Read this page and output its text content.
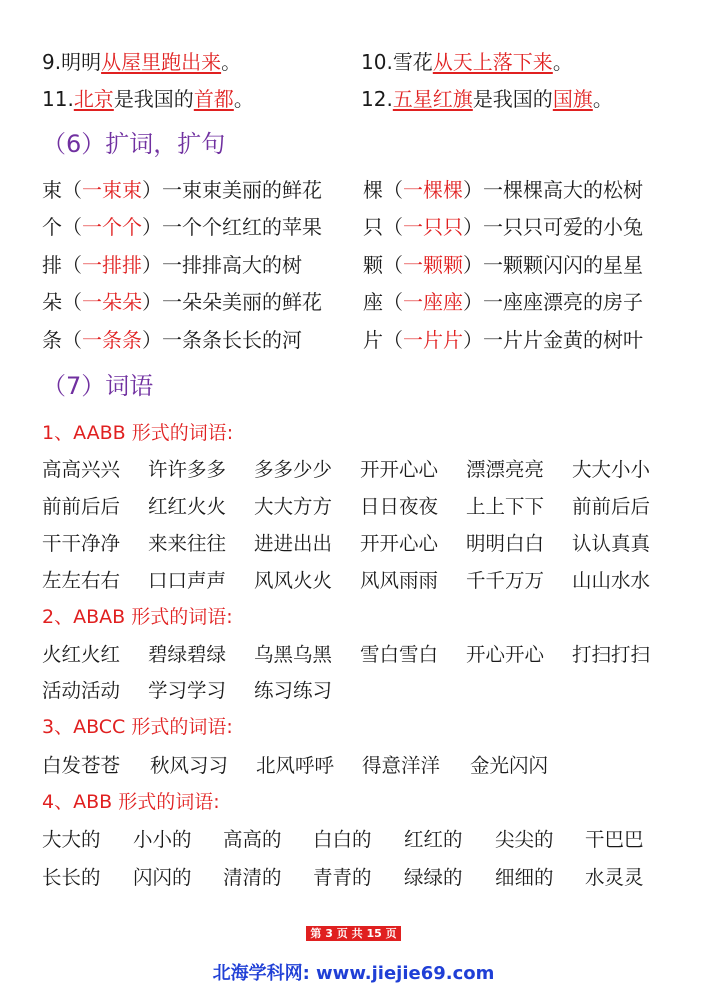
9.明明从屋里跑出来。	10.雪花从天上落下来。
11.北京是我国的首都。	12.五星红旗是我国的国旗。
（6）扩词，扩句
束（一束束）一束束美丽的鲜花 棵（一棵棵）一棵棵高大的松树
个（一个个）一个个红红的苹果 只（一只只）一只只可爱的小兔
排（一排排）一排排高大的树	颗（一颗颗）一颗颗闪闪的星星
朵（一朵朵）一朵朵美丽的鲜花 座（一座座）一座座漂亮的房子
条（一条条）一条条长长的河	片（一片片）一片片金黄的树叶
（7）词语
1、AABB 形式的词语:
2、ABAB 形式的词语:
3、ABCC 形式的词语:
4、ABB 形式的词语:
高高兴兴 许许多多 多多少少 开开心心 漂漂亮亮 大大小小
前前后后 红红火火 大大方方 日日夜夜 上上下下 前前后后
干干净净 来来往往 进进出出 开开心心 明明白白 认认真真
左左右右 口口声声 风风火火 风风雨雨 千千万万 山山水水
火红火红 碧绿碧绿 乌黑乌黑 雪白雪白 开心开心 打扫打扫
活动活动 学习学习 练习练习
白发苍苍 秋风习习 北风呼呼 得意洋洋 金光闪闪
大大的 小小的 高高的 白白的 红红的 尖尖的 干巴巴
长长的 闪闪的 清清的 青青的 绿绿的 细细的 水灵灵
第 3 页 共 15 页
北海学科网: www.jiejie69.com
